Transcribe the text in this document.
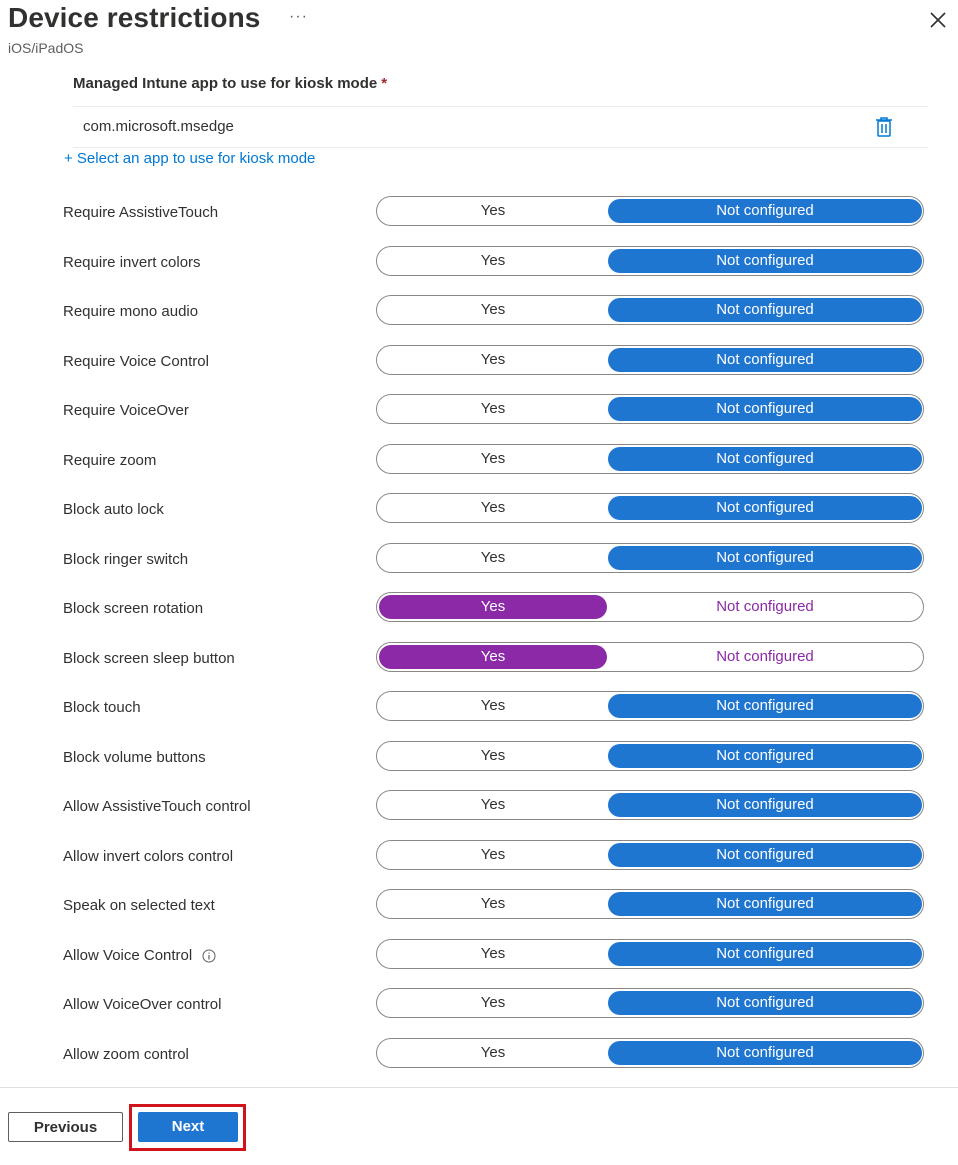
Device restrictions ···
iOS/iPadOS
Managed Intune app to use for kiosk mode *
com.microsoft.msedge
+ Select an app to use for kiosk mode
Require AssistiveTouch	Yes	Not configured
Require invert colors	Yes	Not configured
Require mono audio	Yes	Not configured
Require Voice Control	Yes	Not configured
Require VoiceOver	Yes	Not configured
Require zoom	Yes	Not configured
Block auto lock	Yes	Not configured
Block ringer switch	Yes	Not configured
Block screen rotation	Yes	Not configured
Block screen sleep button	Yes	Not configured
Block touch	Yes	Not configured
Block volume buttons	Yes	Not configured
Allow AssistiveTouch control	Yes	Not configured
Allow invert colors control	Yes	Not configured
Speak on selected text	Yes	Not configured
Allow Voice Control	Yes	Not configured
Allow VoiceOver control	Yes	Not configured
Allow zoom control	Yes	Not configured
Previous	Next
